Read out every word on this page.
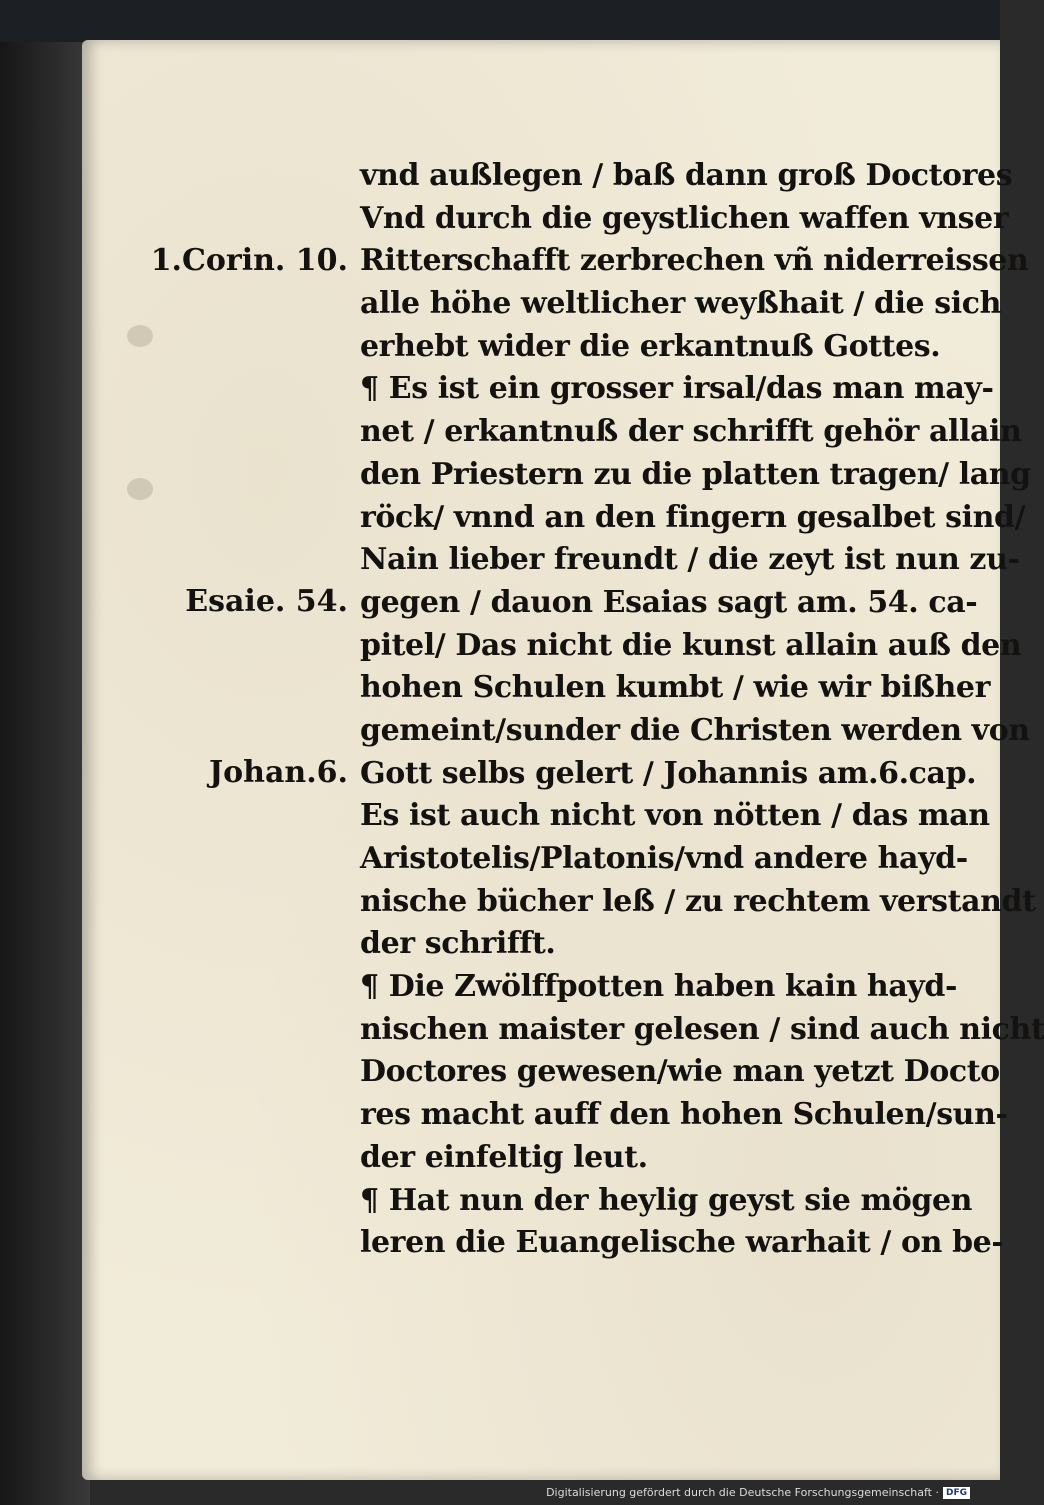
1.Corin. 10.
Esaie. 54.
Johan.6.
vnd außlegen / baß dann groß Doctores
Vnd durch die geystlichen waffen vnser
Ritterschafft zerbrechen vñ niderreissen
alle höhe weltlicher weyßhait / die sich
erhebt wider die erkantnuß Gottes.
¶ Es ist ein grosser irsal/das man may-
net / erkantnuß der schrifft gehör allain
den Priestern zu die platten tragen/ lang
röck/ vnnd an den fingern gesalbet sind/
Nain lieber freundt / die zeyt ist nun zu-
gegen / dauon Esaias sagt am. 54. ca-
pitel/ Das nicht die kunst allain auß den
hohen Schulen kumbt / wie wir bißher
gemeint/sunder die Christen werden von
Gott selbs gelert / Johannis am.6.cap.
Es ist auch nicht von nötten / das man
Aristotelis/Platonis/vnd andere hayd-
nische bücher leß / zu rechtem verstandt
der schrifft.
¶ Die Zwölffpotten haben kain hayd-
nischen maister gelesen / sind auch nicht
Doctores gewesen/wie man yetzt Docto
res macht auff den hohen Schulen/sun-
der einfeltig leut.
¶ Hat nun der heylig geyst sie mögen
leren die Euangelische warhait / on be-
Digitalisierung gefördert durch die Deutsche Forschungsgemeinschaft · DFG
